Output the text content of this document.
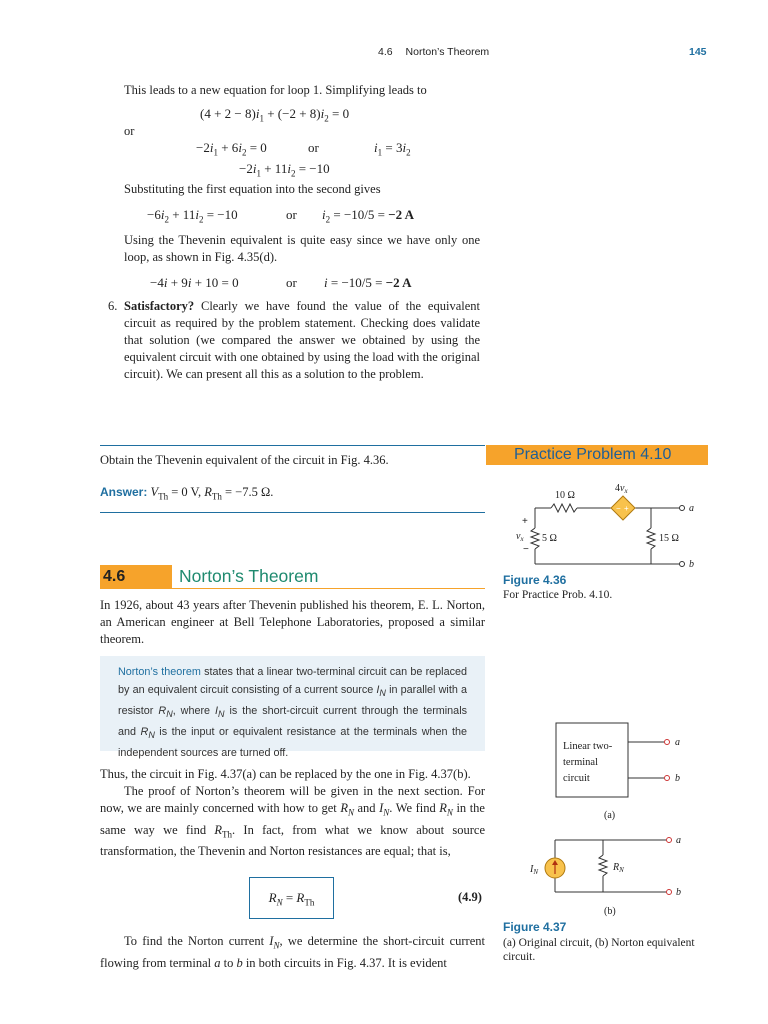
4.6 Norton’s Theorem	145
This leads to a new equation for loop 1. Simplifying leads to
$(4 + 2 - 8)i_1 + (-2 + 8)i_2 = 0$
or
$-2i_1 + 6i_2 = 0$	or	$i_1 = 3i_2$
$-2i_1 + 11i_2 = -10$
Substituting the first equation into the second gives
$-6i_2 + 11i_2 = -10$	or $i_2 = -10/5 = -2$ A
Using the Thevenin equivalent is quite easy since we have only one loop, as shown in Fig. 4.35(d).
−4i + 9i + 10 = 0	or i = −10/5 = −2 A
6. Satisfactory? Clearly we have found the value of the equivalent circuit as required by the problem statement. Checking does validate that solution (we compared the answer we obtained by using the equivalent circuit with one obtained by using the load with the original circuit). We can present all this as a solution to the problem.
Practice Problem 4.10
Obtain the Thevenin equivalent of the circuit in Fig. 4.36.
Answer: $V_{Th} = 0$ V, $R_{Th} = -7.5$ Ω.
− +
10 Ω
$4v_x$
5 Ω	15 Ω
+
$v_x$
−
a
b
Figure 4.36
For Practice Prob. 4.10.
4.6	Norton’s Theorem
In 1926, about 43 years after Thevenin published his theorem, E. L. Norton, an American engineer at Bell Telephone Laboratories, proposed a similar theorem.
Norton’s theorem states that a linear two-terminal circuit can be replaced by an equivalent circuit consisting of a current source $I_N$ in parallel with a resistor $R_N$, where $I_N$ is the short-circuit current through the terminals and $R_N$ is the input or equivalent resistance at the terminals when the independent sources are turned off.
Thus, the circuit in Fig. 4.37(a) can be replaced by the one in Fig. 4.37(b).
The proof of Norton’s theorem will be given in the next section. For now, we are mainly concerned with how to get $R_N$ and $I_N$. We find $R_N$ in the same way we find $R_{Th}$. In fact, from what we know about source transformation, the Thevenin and Norton resistances are equal; that is,
$R_N = R_{Th}$	(4.9)
To find the Norton current $I_N$, we determine the short-circuit current flowing from terminal a to b in both circuits in Fig. 4.37. It is evident
a
b
Linear two-terminal circuit
(a)
$I_N$	$R_N$
a
b
(b)
Figure 4.37
(a) Original circuit, (b) Norton equivalent circuit.
